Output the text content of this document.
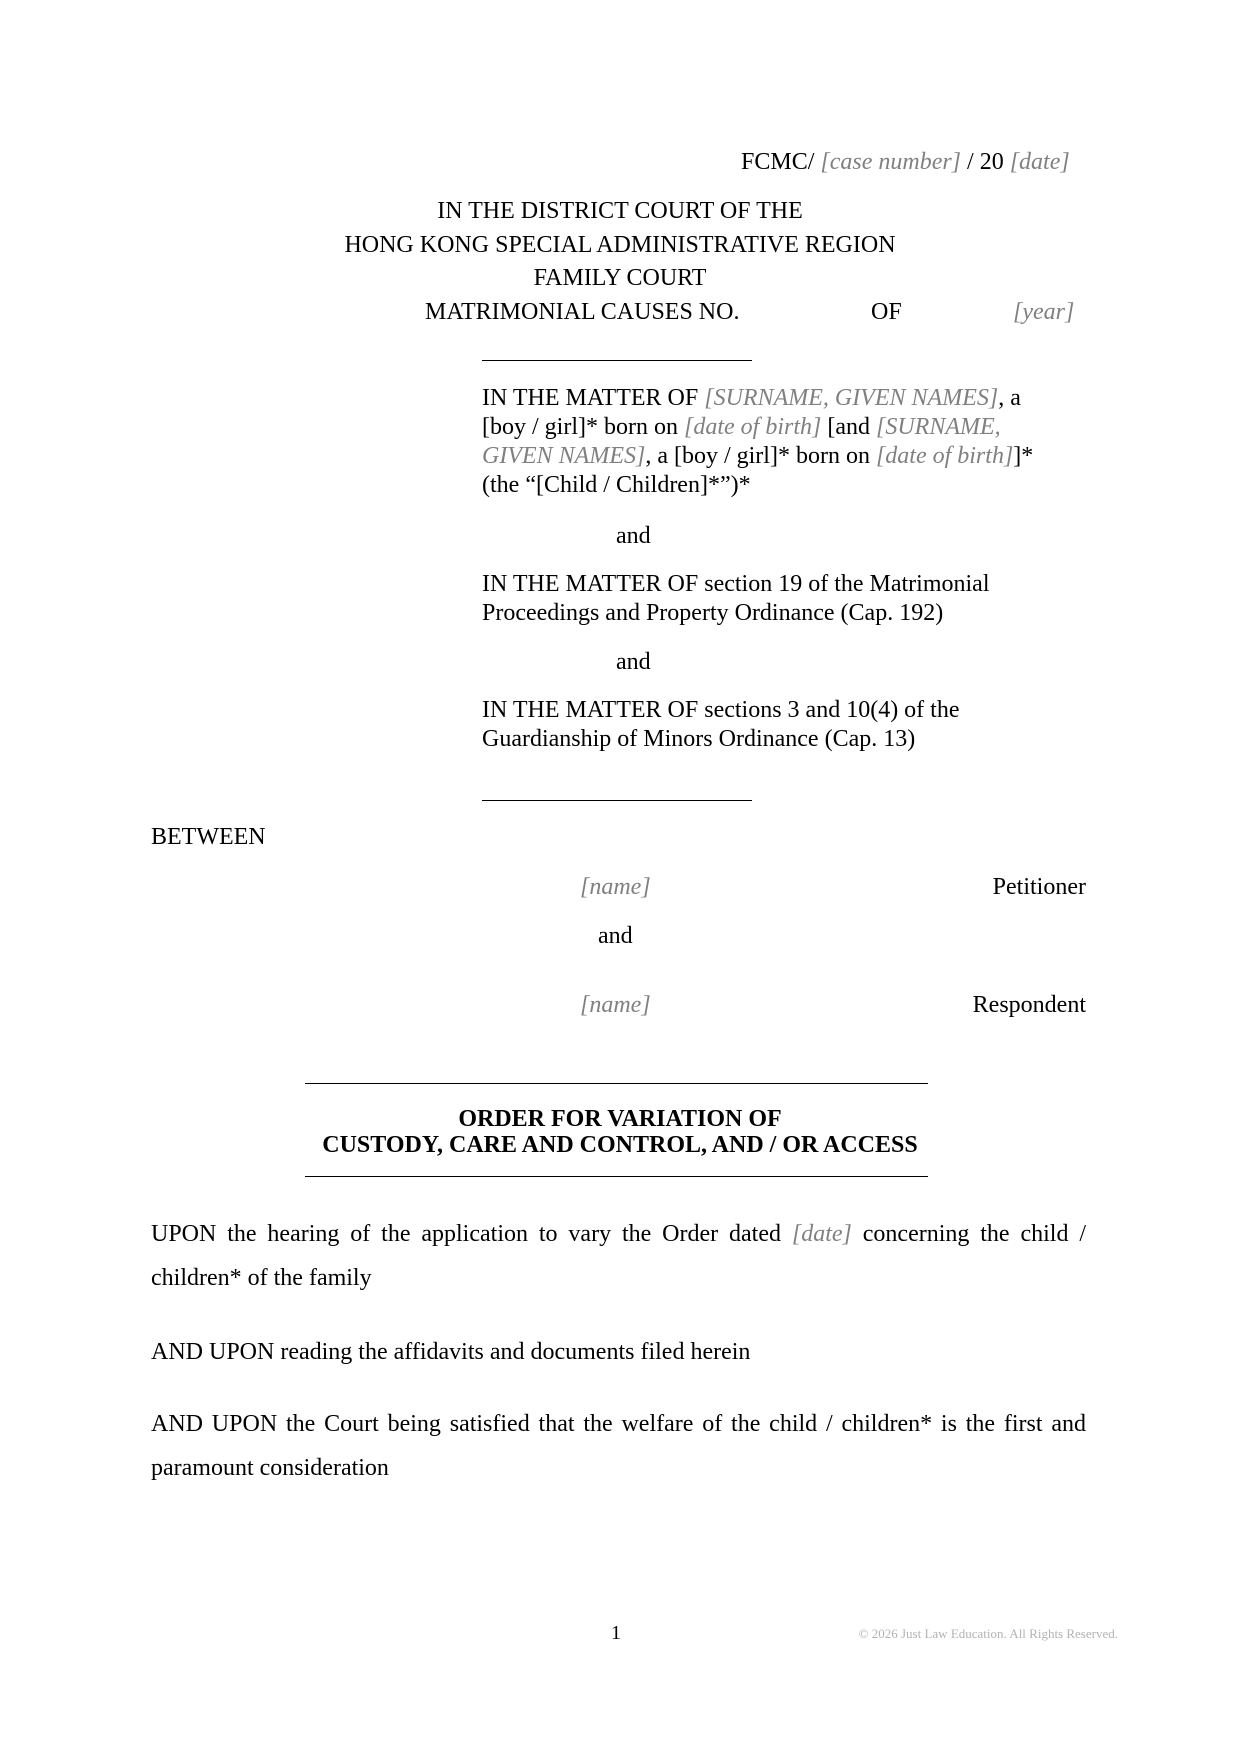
FCMC/ [case number] / 20 [date]
IN THE DISTRICT COURT OF THE
HONG KONG SPECIAL ADMINISTRATIVE REGION
FAMILY COURT
MATRIMONIAL CAUSES NO.	OF	[year]
IN THE MATTER OF [SURNAME, GIVEN NAMES], a
[boy / girl]* born on [date of birth] [and [SURNAME,
GIVEN NAMES], a [boy / girl]* born on [date of birth]]*
(the “[Child / Children]*”)*
and
IN THE MATTER OF section 19 of the Matrimonial
Proceedings and Property Ordinance (Cap. 192)
and
IN THE MATTER OF sections 3 and 10(4) of the
Guardianship of Minors Ordinance (Cap. 13)
BETWEEN
[name]	Petitioner
and
[name]	Respondent
ORDER FOR VARIATION OF
CUSTODY, CARE AND CONTROL, AND / OR ACCESS
UPON the hearing of the application to vary the Order dated [date] concerning the child / children* of the family
AND UPON reading the affidavits and documents filed herein
AND UPON the Court being satisfied that the welfare of the child / children* is the first and paramount consideration
1	© 2026 Just Law Education. All Rights Reserved.
